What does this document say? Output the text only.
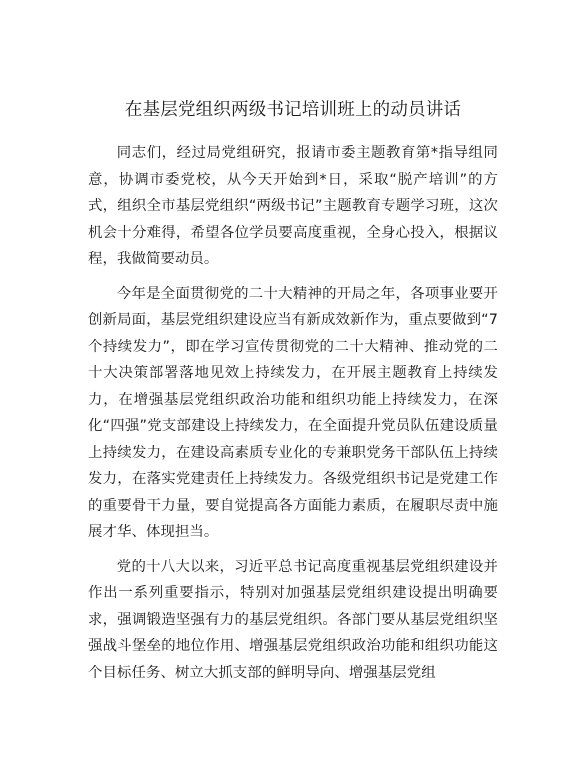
在基层党组织两级书记培训班上的动员讲话

同志们，经过局党组研究，报请市委主题教育第*指导组同意，协调市委党校，从今天开始到*日，采取“脱产培训”的方式，组织全市基层党组织“两级书记”主题教育专题学习班，这次机会十分难得，希望各位学员要高度重视，全身心投入，根据议程，我做简要动员。

今年是全面贯彻党的二十大精神的开局之年，各项事业要开创新局面，基层党组织建设应当有新成效新作为，重点要做到“7个持续发力”，即在学习宣传贯彻党的二十大精神、推动党的二十大决策部署落地见效上持续发力，在开展主题教育上持续发力，在增强基层党组织政治功能和组织功能上持续发力，在深化“四强”党支部建设上持续发力，在全面提升党员队伍建设质量上持续发力，在建设高素质专业化的专兼职党务干部队伍上持续发力，在落实党建责任上持续发力。各级党组织书记是党建工作的重要骨干力量，要自觉提高各方面能力素质，在履职尽责中施展才华、体现担当。

党的十八大以来，习近平总书记高度重视基层党组织建设并作出一系列重要指示，特别对加强基层党组织建设提出明确要求，强调锻造坚强有力的基层党组织。各部门要从基层党组织坚强战斗堡垒的地位作用、增强基层党组织政治功能和组织功能这个目标任务、树立大抓支部的鲜明导向、增强基层党组
